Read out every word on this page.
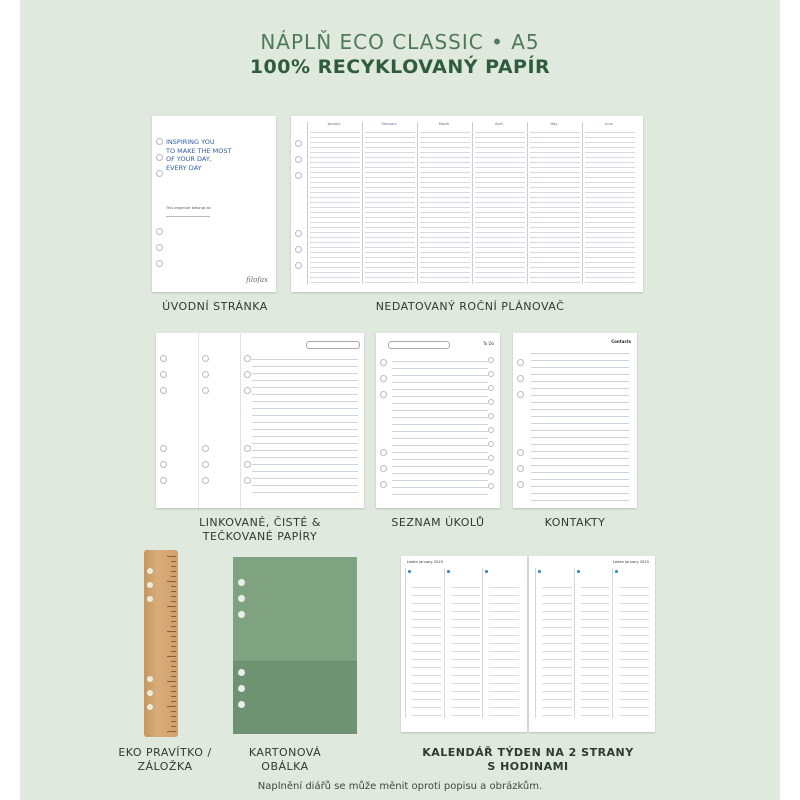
NÁPLŇ ECO CLASSIC • A5
100% RECYKLOVANÝ PAPÍR
INSPIRING YOU
TO MAKE THE MOST
OF YOUR DAY,
EVERY DAY
This organiser belongs to:
filofax
January	February	March	April	May	June
ÚVODNÍ STRÁNKA	NEDATOVANÝ ROČNÍ PLÁNOVAČ
To Do	Contacts
LINKOVANÉ, ČISTÉ &
TEČKOVANÉ PAPÍRY
SEZNAM ÚKOLŮ	KONTAKTY
Leden January 2025	Leden January 2025
EKO PRAVÍTKO /
ZÁLOŽKA
KARTONOVÁ
OBÁLKA
KALENDÁŘ TÝDEN NA 2 STRANY
S HODINAMI
Naplnění diářů se může měnit oproti popisu a obrázkům.
